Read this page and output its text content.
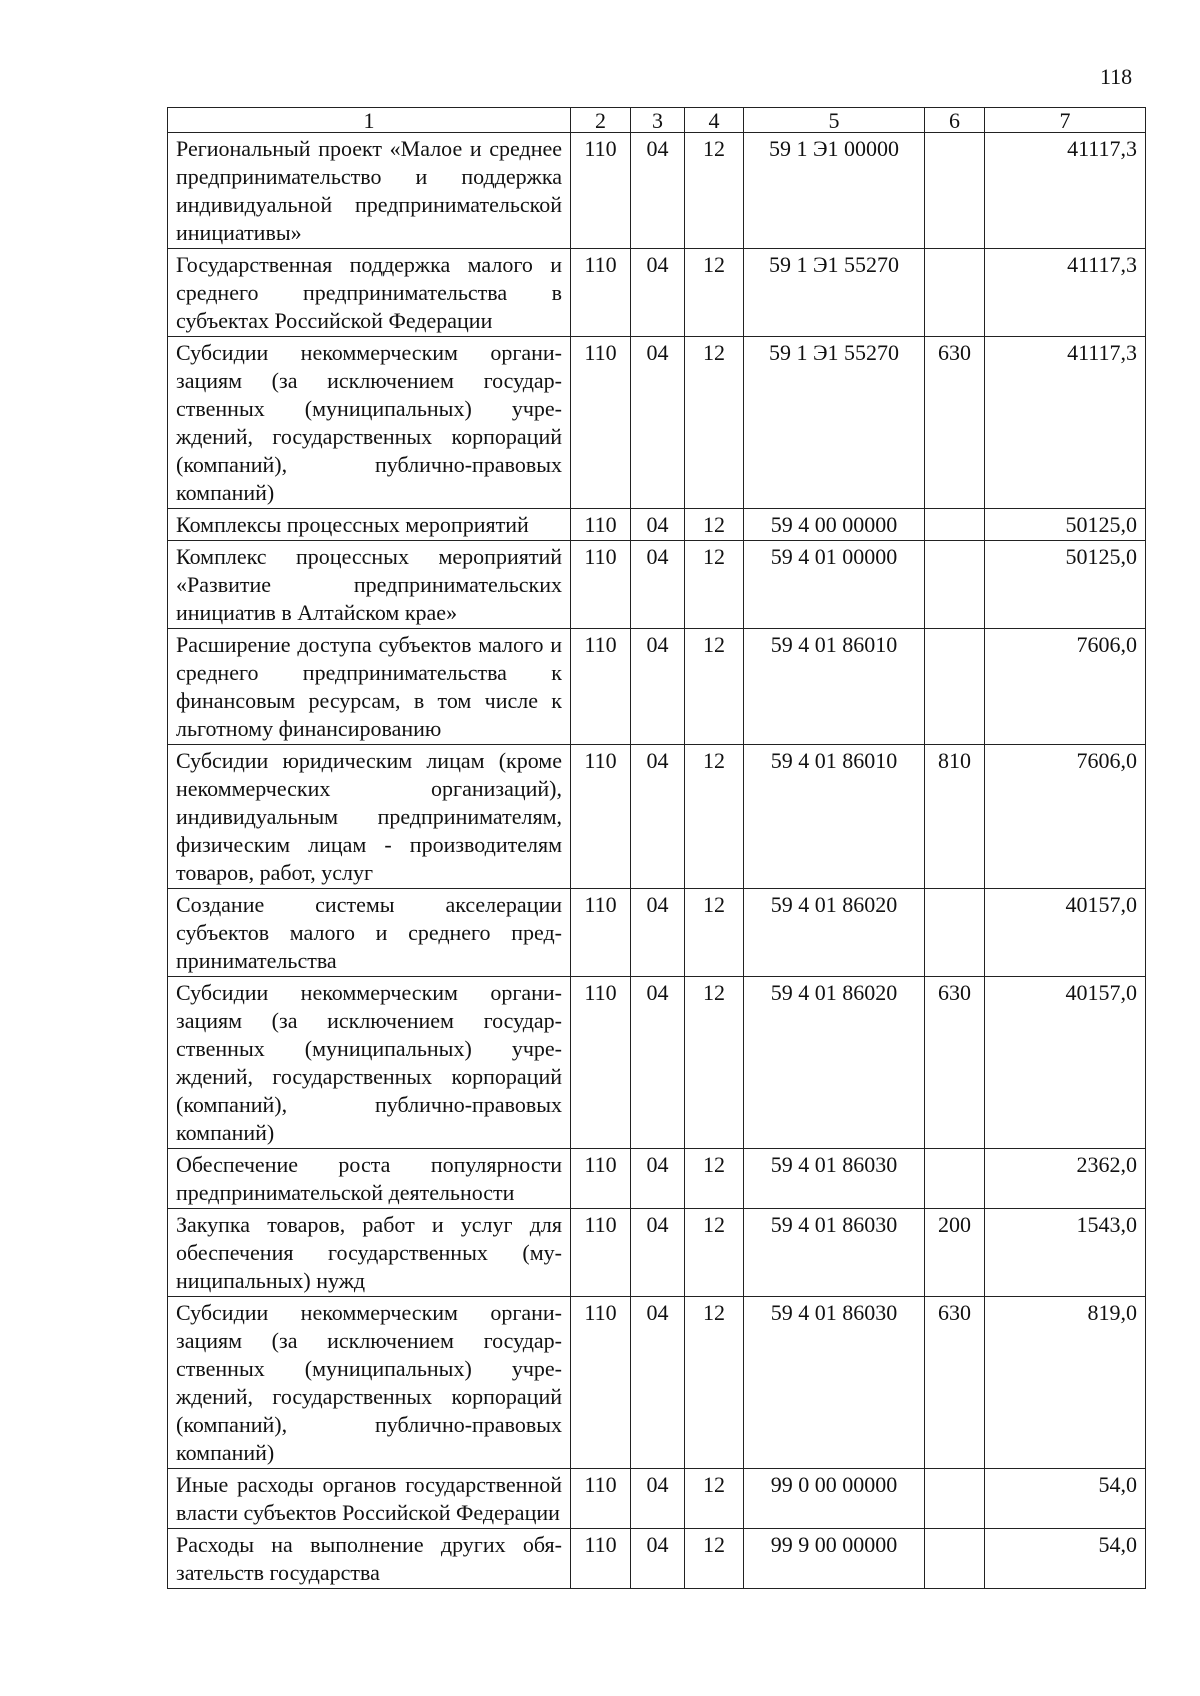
118
1	2	3	4	5	6	7
Региональный проект «Малое и среднее предпринимательство и поддержка индивидуальной предпринимательской инициативы»	110	04	12	59 1 Э1 00000		41117,3
Государственная поддержка малого и среднего предпринимательства в субъектах Российской Федерации	110	04	12	59 1 Э1 55270		41117,3
Субсидии некоммерческим организациям (за исключением государственных (муниципальных) учреждений, государственных корпораций (компаний), публично-правовых компаний)	110	04	12	59 1 Э1 55270	630	41117,3
Комплексы процессных мероприятий	110	04	12	59 4 00 00000		50125,0
Комплекс процессных мероприятий «Развитие предпринимательских инициатив в Алтайском крае»	110	04	12	59 4 01 00000		50125,0
Расширение доступа субъектов малого и среднего предпринимательства к финансовым ресурсам, в том числе к льготному финансированию	110	04	12	59 4 01 86010		7606,0
Субсидии юридическим лицам (кроме некоммерческих организаций), индивидуальным предпринимателям, физическим лицам - производителям товаров, работ, услуг	110	04	12	59 4 01 86010	810	7606,0
Создание системы акселерации субъектов малого и среднего предпринимательства	110	04	12	59 4 01 86020		40157,0
Субсидии некоммерческим организациям (за исключением государственных (муниципальных) учреждений, государственных корпораций (компаний), публично-правовых компаний)	110	04	12	59 4 01 86020	630	40157,0
Обеспечение роста популярности предпринимательской деятельности	110	04	12	59 4 01 86030		2362,0
Закупка товаров, работ и услуг для обеспечения государственных (муниципальных) нужд	110	04	12	59 4 01 86030	200	1543,0
Субсидии некоммерческим организациям (за исключением государственных (муниципальных) учреждений, государственных корпораций (компаний), публично-правовых компаний)	110	04	12	59 4 01 86030	630	819,0
Иные расходы органов государственной власти субъектов Российской Федерации	110	04	12	99 0 00 00000		54,0
Расходы на выполнение других обязательств государства	110	04	12	99 9 00 00000		54,0
